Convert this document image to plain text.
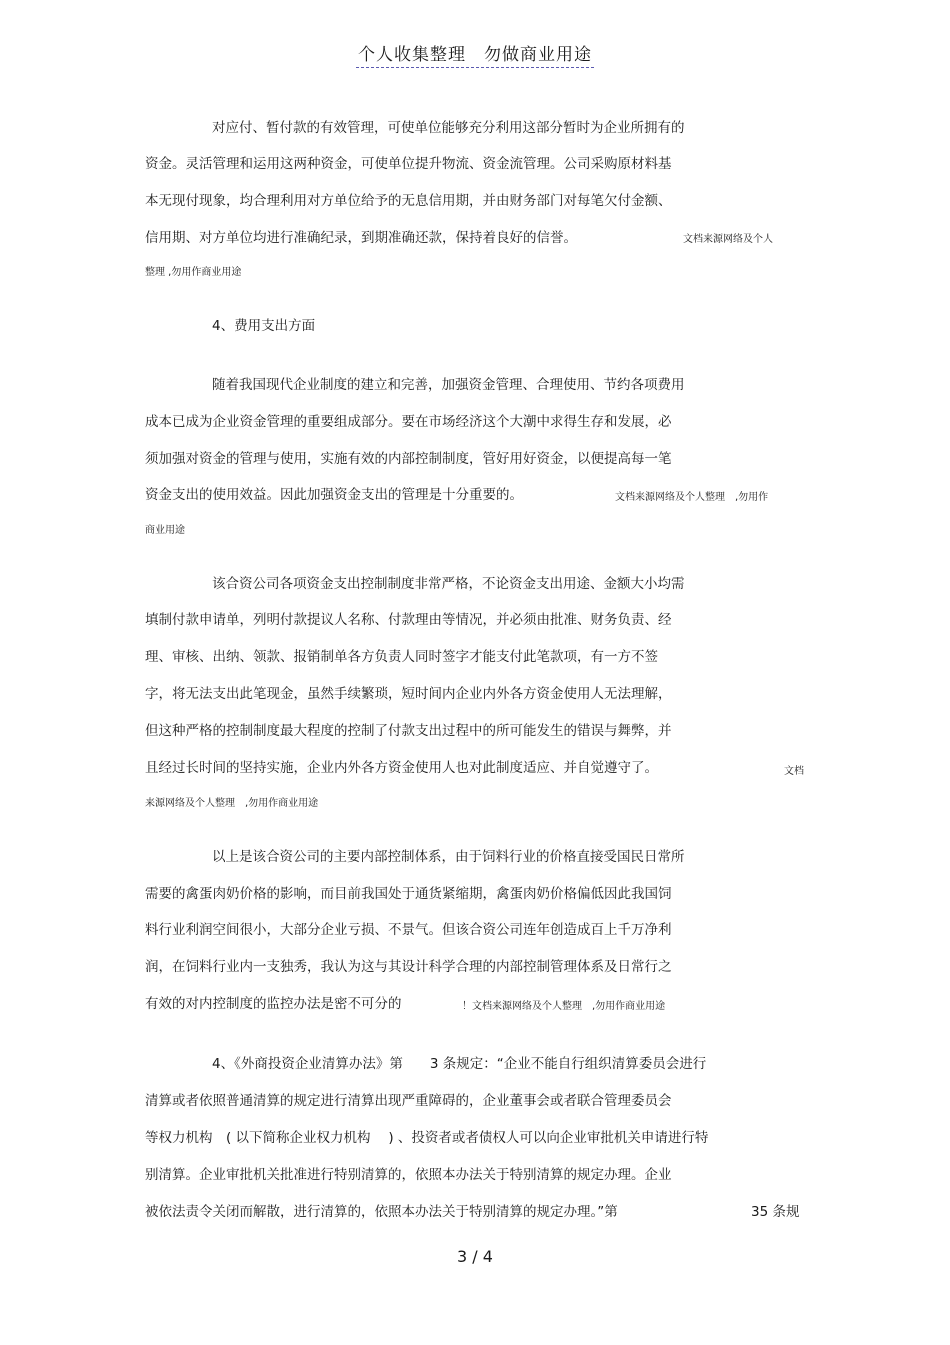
个人收集整理　勿做商业用途
对应付、暂付款的有效管理，可使单位能够充分利用这部分暂时为企业所拥有的
资金。灵活管理和运用这两种资金，可使单位提升物流、资金流管理。公司采购原材料基
本无现付现象，均合理利用对方单位给予的无息信用期，并由财务部门对每笔欠付金额、
信用期、对方单位均进行准确纪录，到期准确还款，保持着良好的信誉。	文档来源网络及个人
整理 ,勿用作商业用途
4、费用支出方面
随着我国现代企业制度的建立和完善，加强资金管理、合理使用、节约各项费用
成本已成为企业资金管理的重要组成部分。要在市场经济这个大潮中求得生存和发展，必
须加强对资金的管理与使用，实施有效的内部控制制度，管好用好资金，以便提高每一笔
资金支出的使用效益。因此加强资金支出的管理是十分重要的。	文档来源网络及个人整理　,勿用作
商业用途
该合资公司各项资金支出控制制度非常严格，不论资金支出用途、金额大小均需
填制付款申请单，列明付款提议人名称、付款理由等情况，并必须由批准、财务负责、经
理、审核、出纳、领款、报销制单各方负责人同时签字才能支付此笔款项，有一方不签
字，将无法支出此笔现金，虽然手续繁琐，短时间内企业内外各方资金使用人无法理解，
但这种严格的控制制度最大程度的控制了付款支出过程中的所可能发生的错误与舞弊，并
且经过长时间的坚持实施，企业内外各方资金使用人也对此制度适应、并自觉遵守了。	文档
来源网络及个人整理　,勿用作商业用途
以上是该合资公司的主要内部控制体系，由于饲料行业的价格直接受国民日常所
需要的禽蛋肉奶价格的影响，而目前我国处于通货紧缩期，禽蛋肉奶价格偏低因此我国饲
料行业利润空间很小，大部分企业亏损、不景气。但该合资公司连年创造成百上千万净利
润，在饲料行业内一支独秀，我认为这与其设计科学合理的内部控制管理体系及日常行之
有效的对内控制度的监控办法是密不可分的	！文档来源网络及个人整理　,勿用作商业用途
4、《外商投资企业清算办法》第　　3 条规定：“企业不能自行组织清算委员会进行
清算或者依照普通清算的规定进行清算出现严重障碍的，企业董事会或者联合管理委员会
等权力机构　( 以下简称企业权力机构　 ) 、投资者或者债权人可以向企业审批机关申请进行特
别清算。企业审批机关批准进行特别清算的，依照本办法关于特别清算的规定办理。企业
被依法责令关闭而解散，进行清算的，依照本办法关于特别清算的规定办理。”第	35 条规
3 / 4
